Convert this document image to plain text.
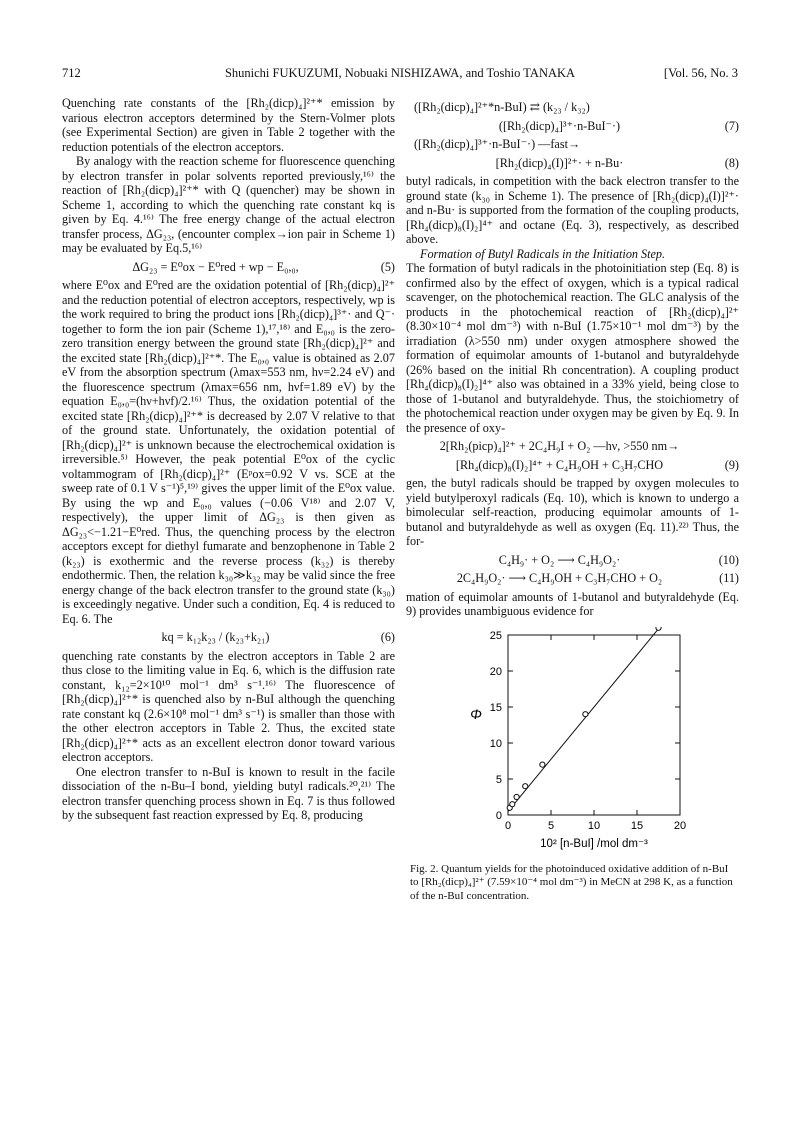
712	Shunichi FUKUZUMI, Nobuaki NISHIZAWA, and Toshio TANAKA	[Vol. 56, No. 3

Quenching rate constants of the [Rh₂(dicp)₄]²⁺* emission by various electron acceptors determined by the Stern-Volmer plots (see Experimental Section) are given in Table 2 together with the reduction potentials of the electron acceptors.

By analogy with the reaction scheme for fluorescence quenching by electron transfer in polar solvents reported previously,¹⁶⁾ the reaction of [Rh₂(dicp)₄]²⁺* with Q (quencher) may be shown in Scheme 1, according to which the quenching rate constant kq is given by Eq. 4.¹⁶⁾ The free energy change of the actual electron transfer process, ΔG₂₃, (encounter complex→ion pair in Scheme 1) may be evaluated by Eq.5,¹⁶⁾

ΔG₂₃ = E⁰ox − E⁰red + wp − E₀,₀,	(5)

where E⁰ox and E⁰red are the oxidation potential of [Rh₂(dicp)₄]²⁺ and the reduction potential of electron acceptors, respectively, wp is the work required to bring the product ions [Rh₂(dicp)₄]³⁺· and Q⁻· together to form the ion pair (Scheme 1),¹⁷,¹⁸⁾ and E₀,₀ is the zero-zero transition energy between the ground state [Rh₂(dicp)₄]²⁺ and the excited state [Rh₂(dicp)₄]²⁺*. The E₀,₀ value is obtained as 2.07 eV from the absorption spectrum (λmax=553 nm, hν=2.24 eV) and the fluorescence spectrum (λmax=656 nm, hνf=1.89 eV) by the equation E₀,₀=(hν+hνf)/2.¹⁶⁾ Thus, the oxidation potential of the excited state [Rh₂(dicp)₄]²⁺* is decreased by 2.07 V relative to that of the ground state. Unfortunately, the oxidation potential of [Rh₂(dicp)₄]²⁺ is unknown because the electrochemical oxidation is irreversible.⁵⁾ However, the peak potential E⁰ox of the cyclic voltammogram of [Rh₂(dicp)₄]²⁺ (Eᵖox=0.92 V vs. SCE at the sweep rate of 0.1 V s⁻¹)⁵,¹⁹⁾ gives the upper limit of the E⁰ox value. By using the wp and E₀,₀ values (−0.06 V¹⁸⁾ and 2.07 V, respectively), the upper limit of ΔG₂₃ is then given as ΔG₂₃<−1.21−E⁰red. Thus, the quenching process by the electron acceptors except for diethyl fumarate and benzophenone in Table 2 (k₂₃) is exothermic and the reverse process (k₃₂) is thereby endothermic. Then, the relation k₃₀≫k₃₂ may be valid since the free energy change of the back electron transfer to the ground state (k₃₀) is exceedingly negative. Under such a condition, Eq. 4 is reduced to Eq. 6. The

kq = k₁₂k₂₃ / (k₂₃+k₂₁)	(6)

quenching rate constants by the electron acceptors in Table 2 are thus close to the limiting value in Eq. 6, which is the diffusion rate constant, k₁₂=2×10¹⁰ mol⁻¹ dm³ s⁻¹.¹⁶⁾ The fluorescence of [Rh₂(dicp)₄]²⁺* is quenched also by n-BuI although the quenching rate constant kq (2.6×10⁸ mol⁻¹ dm³ s⁻¹) is smaller than those with the other electron acceptors in Table 2. Thus, the excited state [Rh₂(dicp)₄]²⁺* acts as an excellent electron donor toward various electron acceptors.

One electron transfer to n-BuI is known to result in the facile dissociation of the n-Bu–I bond, yielding butyl radicals.²⁰,²¹⁾ The electron transfer quenching process shown in Eq. 7 is thus followed by the subsequent fast reaction expressed by Eq. 8, producing

([Rh₂(dicp)₄]²⁺*n-BuI) ⇄ (k₂₃ / k₃₂)
([Rh₂(dicp)₄]³⁺·n-BuI⁻·)	(7)
([Rh₂(dicp)₄]³⁺·n-BuI⁻·) —fast→
[Rh₂(dicp)₄(I)]²⁺· + n-Bu·	(8)

butyl radicals, in competition with the back electron transfer to the ground state (k₃₀ in Scheme 1). The presence of [Rh₂(dicp)₄(I)]²⁺· and n-Bu· is supported from the formation of the coupling products, [Rh₄(dicp)₈(I)₂]⁴⁺ and octane (Eq. 3), respectively, as described above.

Formation of Butyl Radicals in the Initiation Step.

The formation of butyl radicals in the photoinitiation step (Eq. 8) is confirmed also by the effect of oxygen, which is a typical radical scavenger, on the photochemical reaction. The GLC analysis of the products in the photochemical reaction of [Rh₂(dicp)₄]²⁺ (8.30×10⁻⁴ mol dm⁻³) with n-BuI (1.75×10⁻¹ mol dm⁻³) by the irradiation (λ>550 nm) under oxygen atmosphere showed the formation of equimolar amounts of 1-butanol and butyraldehyde (26% based on the initial Rh concentration). A coupling product [Rh₄(dicp)₈(I)₂]⁴⁺ also was obtained in a 33% yield, being close to those of 1-butanol and butyraldehyde. Thus, the stoichiometry of the photochemical reaction under oxygen may be given by Eq. 9. In the presence of oxy-

2[Rh₂(picp)₄]²⁺ + 2C₄H₉I + O₂ —hν, >550 nm→
[Rh₄(dicp)₈(I)₂]⁴⁺ + C₄H₉OH + C₃H₇CHO	(9)

gen, the butyl radicals should be trapped by oxygen molecules to yield butylperoxyl radicals (Eq. 10), which is known to undergo a bimolecular self-reaction, producing equimolar amounts of 1-butanol and butyraldehyde as well as oxygen (Eq. 11).²²⁾ Thus, the for-

C₄H₉· + O₂ ⟶ C₄H₉O₂·	(10)
2C₄H₉O₂· ⟶ C₄H₉OH + C₃H₇CHO + O₂	(11)

mation of equimolar amounts of 1-butanol and butyraldehyde (Eq. 9) provides unambiguous evidence for

0	5	10	15	20
0
5
10
15
20
25
Φ
10² [n-BuI] /mol dm⁻³
Fig. 2. Quantum yields for the photoinduced oxidative addition of n-BuI to [Rh₂(dicp)₄]²⁺ (7.59×10⁻⁴ mol dm⁻³) in MeCN at 298 K, as a function of the n-BuI concentration.
